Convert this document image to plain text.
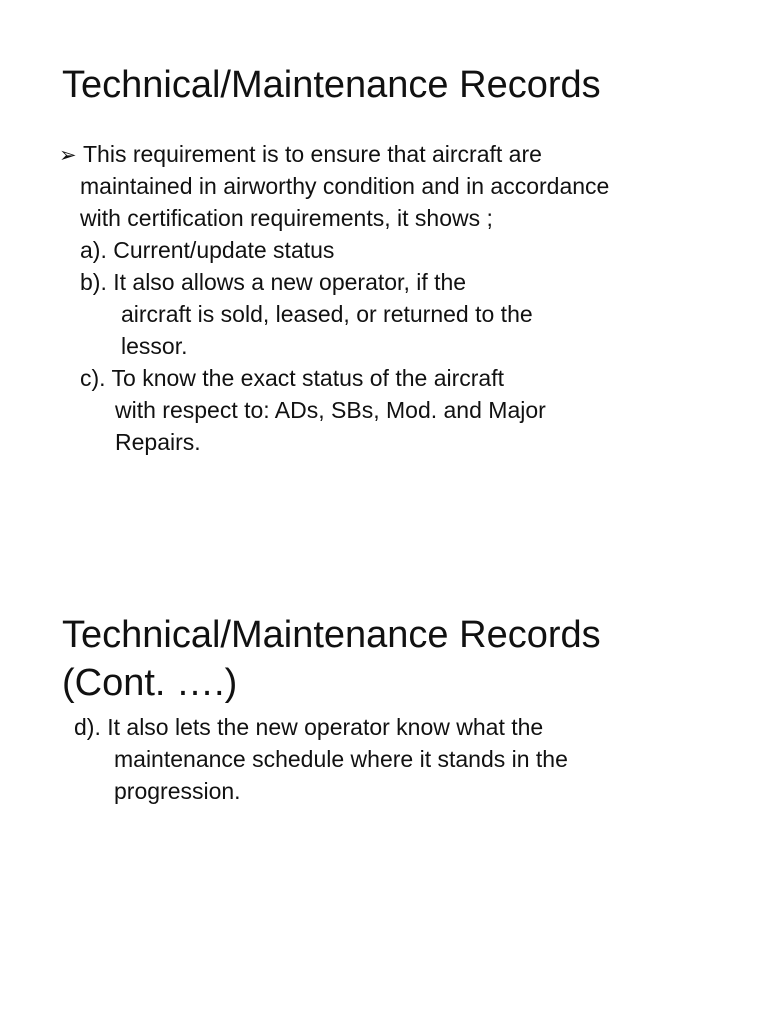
Technical/Maintenance Records

➢ This requirement is to ensure that aircraft are

maintained in airworthy condition and in accordance

with certification requirements, it shows ;

a). Current/update status

b). It also allows a new operator, if the

aircraft is sold, leased, or returned to the

lessor.

c). To know the exact status of the aircraft

with respect to: ADs, SBs, Mod. and Major

Repairs.

Technical/Maintenance Records
(Cont. ….)

d). It also lets the new operator know what the

maintenance schedule where it stands in the

progression.
